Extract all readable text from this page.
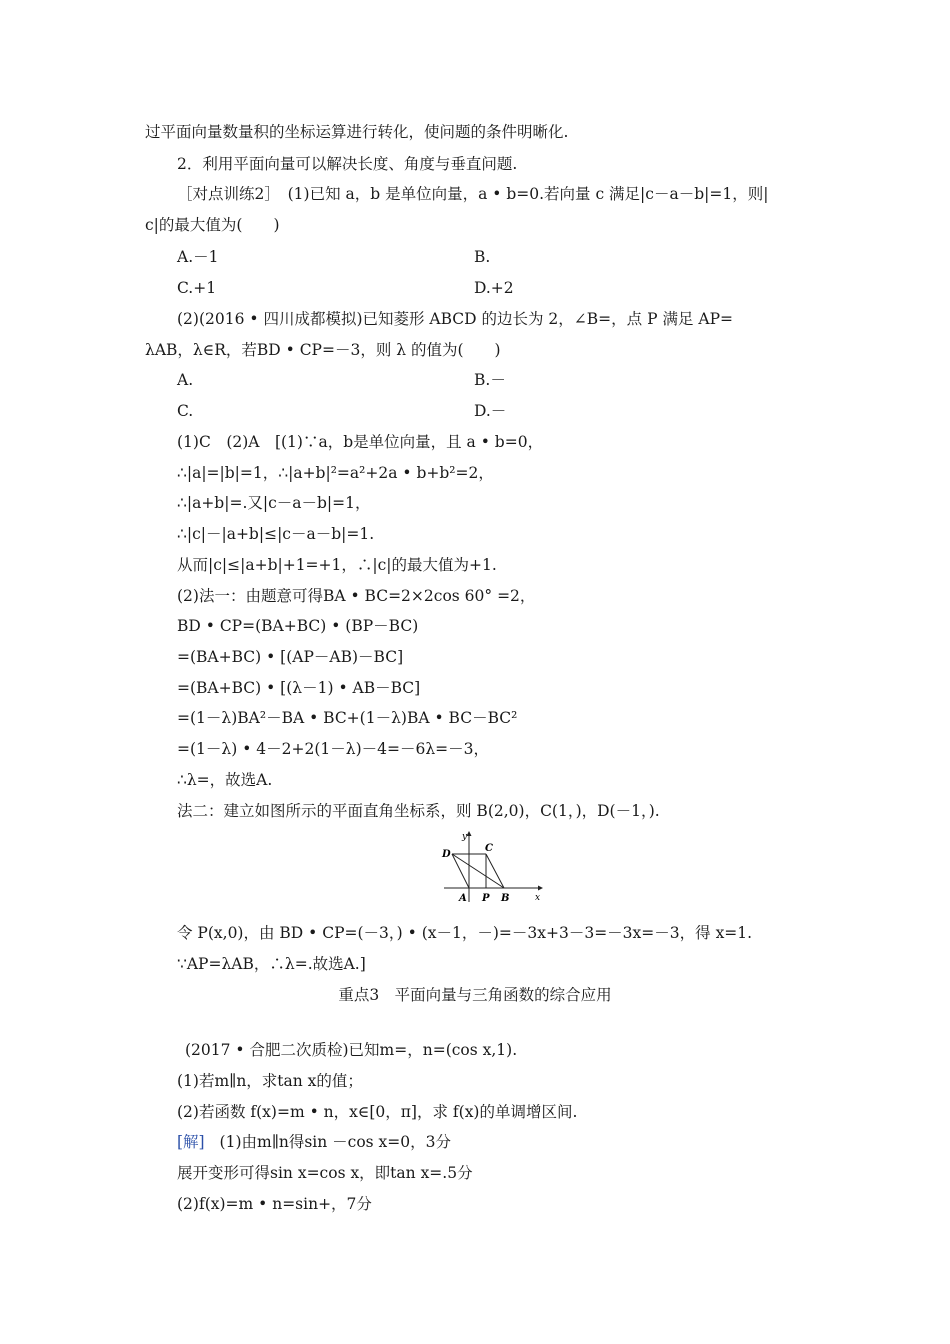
过平面向量数量积的坐标运算进行转化，使问题的条件明晰化.
2．利用平面向量可以解决长度、角度与垂直问题.
［对点训练2］　(1)已知 a，b 是单位向量，a • b=0.若向量 c 满足|c－a－b|=1，则|
c|的最大值为(　　)
A.－1	B.
C.+1	D.+2
(2)(2016 • 四川成都模拟)已知菱形 ABCD 的边长为 2，∠B=，点 P 满足 AP=
λAB，λ∈R，若BD • CP=－3，则 λ 的值为(　　)
A.	B.－
C.	D.－
(1)C　(2)A　[(1)∵a，b是单位向量，且 a • b=0，
∴|a|=|b|=1，∴|a+b|²=a²+2a • b+b²=2，
∴|a+b|=.又|c－a－b|=1，
∴|c|－|a+b|≤|c－a－b|=1.
从而|c|≤|a+b|+1=+1，∴|c|的最大值为+1.
(2)法一：由题意可得BA • BC=2×2cos 60° =2，
BD • CP=(BA+BC) • (BP－BC)
=(BA+BC) • [(AP－AB)－BC]
=(BA+BC) • [(λ－1) • AB－BC]
=(1－λ)BA²－BA • BC+(1－λ)BA • BC－BC²
=(1－λ) • 4－2+2(1－λ)－4=－6λ=－3，
∴λ=，故选A.
法二：建立如图所示的平面直角坐标系，则 B(2,0)，C(1，)，D(－1，).
y
x
D
C
A P B
令 P(x,0)，由 BD • CP=(－3，) • (x－1，－)=－3x+3－3=－3x=－3，得 x=1.
∵AP=λAB，∴λ=.故选A.]
重点3　平面向量与三角函数的综合应用
(2017 • 合肥二次质检)已知m=，n=(cos x,1).
(1)若m∥n，求tan x的值；
(2)若函数 f(x)=m • n，x∈[0，π]，求 f(x)的单调增区间.
[解] (1)由m∥n得sin －cos x=0，3分
展开变形可得sin x=cos x，即tan x=.5分
(2)f(x)=m • n=sin+，7分
